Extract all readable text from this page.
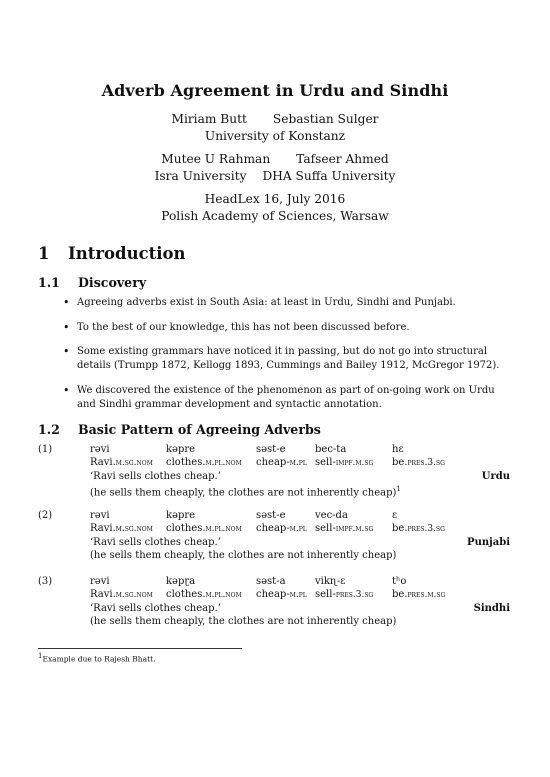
Adverb Agreement in Urdu and Sindhi
Miriam Butt Sebastian Sulger
University of Konstanz
Mutee U Rahman Tafseer Ahmed
Isra University DHA Suffa University
HeadLex 16, July 2016
Polish Academy of Sciences, Warsaw
1 Introduction
1.1 Discovery
• Agreeing adverbs exist in South Asia: at least in Urdu, Sindhi and Punjabi.
• To the best of our knowledge, this has not been discussed before.
• Some existing grammars have noticed it in passing, but do not go into structural details (Trumpp 1872, Kellogg 1893, Cummings and Bailey 1912, McGregor 1972).
• We discovered the existence of the phenomenon as part of on-going work on Urdu and Sindhi grammar development and syntactic annotation.
1.2 Basic Pattern of Agreeing Adverbs
(1)	rəvi	kəpre	səst-e	bec-ta	hɛ
Ravi.m.sg.nom clothes.m.pl.nom cheap-m.pl sell-impf.m.sg be.pres.3.sg
‘Ravi sells clothes cheap.’	Urdu
(he sells them cheaply, the clothes are not inherently cheap)$^1$
(2)	rəvi	kəpre	səst-e	vec-da	ɛ
Ravi.m.sg.nom clothes.m.pl.nom cheap-m.pl sell-impf.m.sg be.pres.3.sg
‘Ravi sells clothes cheap.’	Punjabi
(he sells them cheaply, the clothes are not inherently cheap)
(3)	rəvi	kəpɽa	səst-a	vikɳ-ɛ	tʰo
Ravi.m.sg.nom clothes.m.pl.nom cheap-m.pl sell-pres.3.sg be.pres.m.sg
‘Ravi sells clothes cheap.’	Sindhi
(he sells them cheaply, the clothes are not inherently cheap)
$^1$Example due to Rajesh Bhatt.
